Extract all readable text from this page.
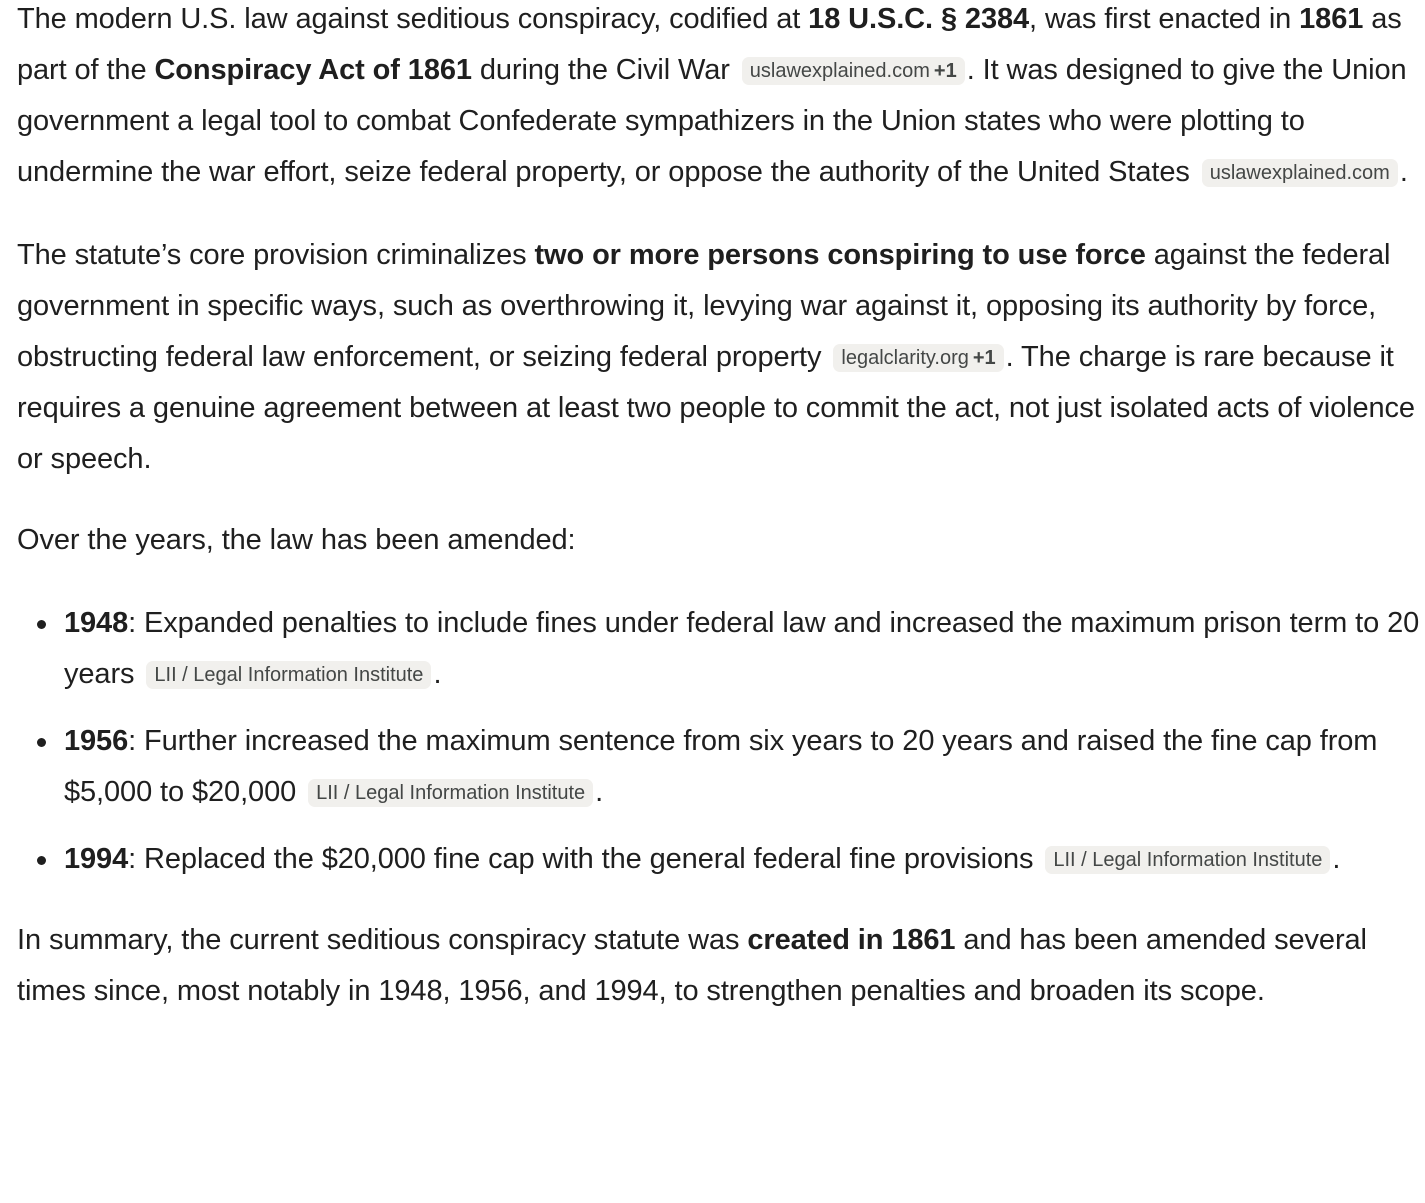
The modern U.S. law against seditious conspiracy, codified at 18 U.S.C. § 2384, was first enacted in 1861 as part of the Conspiracy Act of 1861 during the Civil War uslawexplained.com +1 . It was designed to give the Union government a legal tool to combat Confederate sympathizers in the Union states who were plotting to undermine the war effort, seize federal property, or oppose the authority of the United States uslawexplained.com .

The statute’s core provision criminalizes two or more persons conspiring to use force against the federal government in specific ways, such as overthrowing it, levying war against it, opposing its authority by force, obstructing federal law enforcement, or seizing federal property legalclarity.org +1 . The charge is rare because it requires a genuine agreement between at least two people to commit the act, not just isolated acts of violence or speech.

Over the years, the law has been amended:

1948: Expanded penalties to include fines under federal law and increased the maximum prison term to 20 years LII / Legal Information Institute .
1956: Further increased the maximum sentence from six years to 20 years and raised the fine cap from $5,000 to $20,000 LII / Legal Information Institute .
1994: Replaced the $20,000 fine cap with the general federal fine provisions LII / Legal Information Institute .

In summary, the current seditious conspiracy statute was created in 1861 and has been amended several times since, most notably in 1948, 1956, and 1994, to strengthen penalties and broaden its scope.
